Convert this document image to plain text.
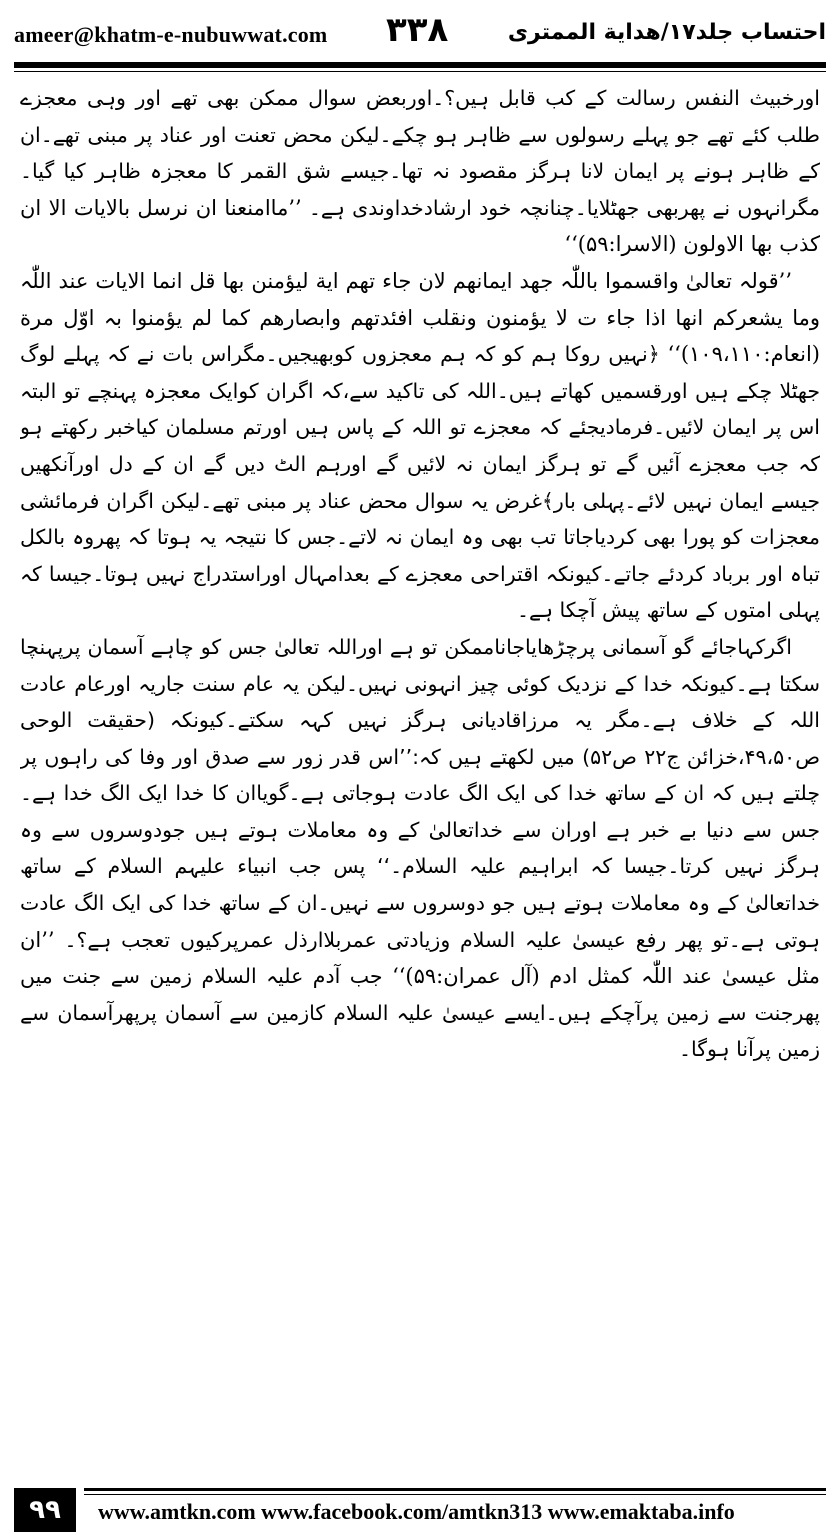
ameer@khatm-e-nubuwwat.com ۳۳۸	احتساب جلد۱۷/هدایة الممتری

اورخبیث النفس رسالت کے کب قابل ہیں؟۔اوربعض سوال ممکن بھی تھے اور وہی معجزے طلب کئے تھے جو پہلے رسولوں سے ظاہر ہو چکے۔لیکن محض تعنت اور عناد پر مبنی تھے۔ان کے ظاہر ہونے پر ایمان لانا ہرگز مقصود نہ تھا۔جیسے شق القمر کا معجزہ ظاہر کیا گیا۔مگرانہوں نے پھربھی جھٹلایا۔چنانچہ خود ارشادخداوندی ہے۔ ’’ماامنعنا ان نرسل بالایات الا ان کذب بھا الاولون (الاسرا:۵۹)‘‘

’’قولہ تعالیٰ واقسموا باللّٰہ جھد ایمانھم لان جاء تھم ایة لیؤمنن بھا قل انما الایات عند اللّٰہ وما یشعرکم انھا اذا جاء ت لا یؤمنون ونقلب افئدتھم وابصارھم کما لم یؤمنوا بہ اوّل مرة (انعام:۱۰۹،۱۱۰)‘‘ ﴿نہیں روکا ہم کو کہ ہم معجزوں کوبھیجیں۔مگراس بات نے کہ پہلے لوگ جھٹلا چکے ہیں اورقسمیں کھاتے ہیں۔اللہ کی تاکید سے،کہ اگران کوایک معجزہ پہنچے تو البتہ اس پر ایمان لائیں۔فرمادیجئے کہ معجزے تو اللہ کے پاس ہیں اورتم مسلمان کیاخبر رکھتے ہو کہ جب معجزے آئیں گے تو ہرگز ایمان نہ لائیں گے اورہم الٹ دیں گے ان کے دل اورآنکھیں جیسے ایمان نہیں لائے۔پہلی بار﴾غرض یہ سوال محض عناد پر مبنی تھے۔لیکن اگران فرمائشی معجزات کو پورا بھی کردیاجاتا تب بھی وہ ایمان نہ لاتے۔جس کا نتیجہ یہ ہوتا کہ پھروہ بالکل تباہ اور برباد کردئے جاتے۔کیونکہ اقتراحی معجزے کے بعدامہال اوراستدراج نہیں ہوتا۔جیسا کہ پہلی امتوں کے ساتھ پیش آچکا ہے۔

اگرکہاجائے گو آسمانی پرچڑھایاجاناممکن تو ہے اوراللہ تعالیٰ جس کو چاہے آسمان پرپہنچا سکتا ہے۔کیونکہ خدا کے نزدیک کوئی چیز انہونی نہیں۔لیکن یہ عام سنت جاریہ اورعام عادت اللہ کے خلاف ہے۔مگر یہ مرزاقادیانی ہرگز نہیں کہہ سکتے۔کیونکہ (حقیقت الوحی ص۴۹،۵۰،خزائن ج۲۲ ص۵۲) میں لکھتے ہیں کہ:’’اس قدر زور سے صدق اور وفا کی راہوں پر چلتے ہیں کہ ان کے ساتھ خدا کی ایک الگ عادت ہوجاتی ہے۔گویاان کا خدا ایک الگ خدا ہے۔جس سے دنیا بے خبر ہے اوران سے خداتعالیٰ کے وہ معاملات ہوتے ہیں جودوسروں سے وہ ہرگز نہیں کرتا۔جیسا کہ ابراہیم علیہ السلام۔‘‘ پس جب انبیاء علیہم السلام کے ساتھ خداتعالیٰ کے وہ معاملات ہوتے ہیں جو دوسروں سے نہیں۔ان کے ساتھ خدا کی ایک الگ عادت ہوتی ہے۔تو پھر رفع عیسیٰ علیہ السلام وزیادتی عمربلاارذل عمرپرکیوں تعجب ہے؟۔ ’’ان مثل عیسیٰ عند اللّٰہ کمثل ادم (آل عمران:۵۹)‘‘ جب آدم علیہ السلام زمین سے جنت میں پھرجنت سے زمین پرآچکے ہیں۔ایسے عیسیٰ علیہ السلام کازمین سے آسمان پرپھرآسمان سے زمین پرآنا ہوگا۔

۹۹	www.amtkn.com www.facebook.com/amtkn313 www.emaktaba.info
